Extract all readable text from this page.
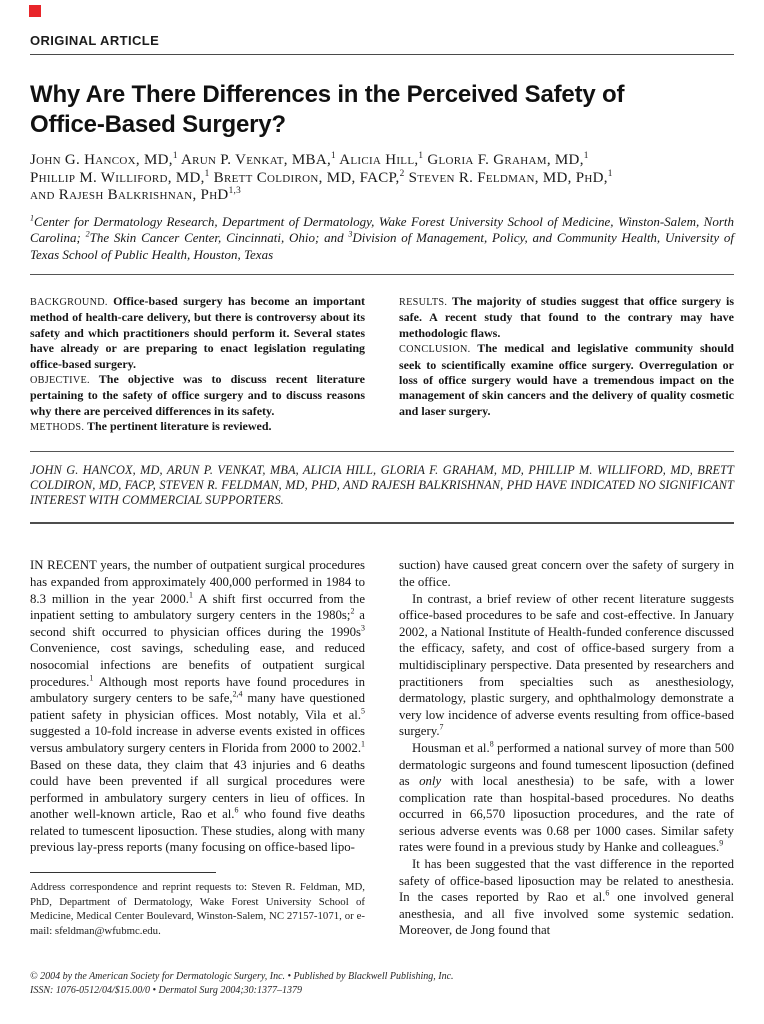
ORIGINAL ARTICLE
Why Are There Differences in the Perceived Safety of
Office-Based Surgery?
John G. Hancox, MD,$^1$ Arun P. Venkat, MBA,$^1$ Alicia Hill,$^1$ Gloria F. Graham, MD,$^1$
Phillip M. Williford, MD,$^1$ Brett Coldiron, MD, FACP,$^2$ Steven R. Feldman, MD, PhD,$^1$
and Rajesh Balkrishnan, PhD$^{1,3}$
$^1$Center for Dermatology Research, Department of Dermatology, Wake Forest University School of Medicine, Winston-Salem, North Carolina; $^2$The Skin Cancer Center, Cincinnati, Ohio; and $^3$Division of Management, Policy, and Community Health, University of Texas School of Public Health, Houston, Texas

BACKGROUND. Office-based surgery has become an important method of health-care delivery, but there is controversy about its safety and which practitioners should perform it. Several states have already or are preparing to enact legislation regulating office-based surgery.

OBJECTIVE. The objective was to discuss recent literature pertaining to the safety of office surgery and to discuss reasons why there are perceived differences in its safety.

METHODS. The pertinent literature is reviewed.

RESULTS. The majority of studies suggest that office surgery is safe. A recent study that found to the contrary may have methodologic flaws.

CONCLUSION. The medical and legislative community should seek to scientifically examine office surgery. Overregulation or loss of office surgery would have a tremendous impact on the management of skin cancers and the delivery of quality cosmetic and laser surgery.

JOHN G. HANCOX, MD, ARUN P. VENKAT, MBA, ALICIA HILL, GLORIA F. GRAHAM, MD, PHILLIP M. WILLIFORD, MD, BRETT COLDIRON, MD, FACP, STEVEN R. FELDMAN, MD, PHD, AND RAJESH BALKRISHNAN, PHD HAVE INDICATED NO SIGNIFICANT INTEREST WITH COMMERCIAL SUPPORTERS.

IN RECENT years, the number of outpatient surgical procedures has expanded from approximately 400,000 performed in 1984 to 8.3 million in the year 2000.$^1$ A shift first occurred from the inpatient setting to ambulatory surgery centers in the 1980s;$^2$ a second shift occurred to physician offices during the $1990s^3$ Convenience, cost savings, scheduling ease, and reduced nosocomial infections are benefits of outpatient surgical procedures.$^1$ Although most reports have found procedures in ambulatory surgery centers to be safe,$^{2,4}$ many have questioned patient safety in physician offices. Most notably, Vila et al.$^5$ suggested a 10-fold increase in adverse events existed in offices versus ambulatory surgery centers in Florida from 2000 to 2002.$^1$ Based on these data, they claim that 43 injuries and 6 deaths could have been prevented if all surgical procedures were performed in ambulatory surgery centers in lieu of offices. In another well-known article, Rao et al.$^6$ who found five deaths related to tumescent liposuction. These studies, along with many previous lay-press reports (many focusing on office-based lipo-

Address correspondence and reprint requests to: Steven R. Feldman, MD, PhD, Department of Dermatology, Wake Forest University School of Medicine, Medical Center Boulevard, Winston-Salem, NC 27157-1071, or e-mail: sfeldman@wfubmc.edu.

suction) have caused great concern over the safety of surgery in the office.

In contrast, a brief review of other recent literature suggests office-based procedures to be safe and cost-effective. In January 2002, a National Institute of Health-funded conference discussed the efficacy, safety, and cost of office-based surgery from a multidisciplinary perspective. Data presented by researchers and practitioners from specialties such as anesthesiology, dermatology, plastic surgery, and ophthalmology demonstrate a very low incidence of adverse events resulting from office-based surgery.$^7$

Housman et al.$^8$ performed a national survey of more than 500 dermatologic surgeons and found tumescent liposuction (defined as only with local anesthesia) to be safe, with a lower complication rate than hospital-based procedures. No deaths occurred in 66,570 liposuction procedures, and the rate of serious adverse events was 0.68 per 1000 cases. Similar safety rates were found in a previous study by Hanke and colleagues.$^9$

It has been suggested that the vast difference in the reported safety of office-based liposuction may be related to anesthesia. In the cases reported by Rao et al.$^6$ one involved general anesthesia, and all five involved some systemic sedation. Moreover, de Jong found that

© 2004 by the American Society for Dermatologic Surgery, Inc. • Published by Blackwell Publishing, Inc.
ISSN: 1076-0512/04/$15.00/0 • Dermatol Surg 2004;30:1377–1379
